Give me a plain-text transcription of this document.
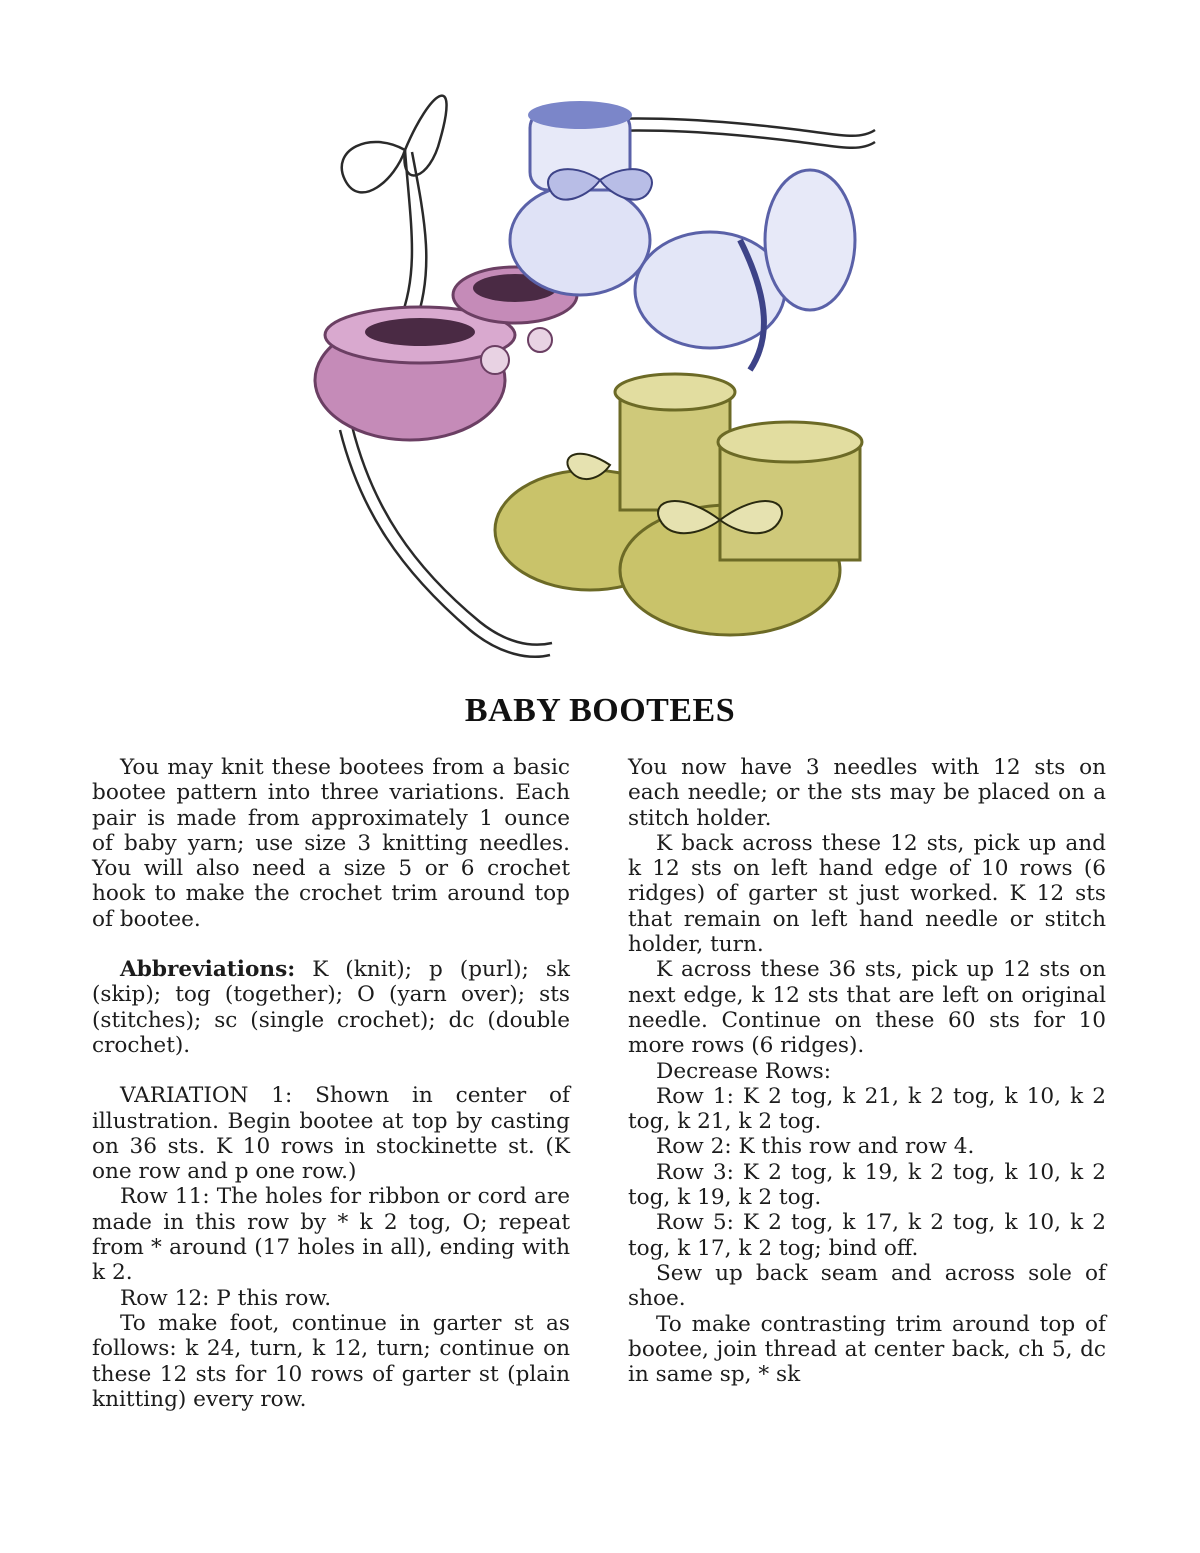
BABY BOOTEES

You may knit these bootees from a basic bootee pattern into three variations. Each pair is made from approximately 1 ounce of baby yarn; use size 3 knitting needles. You will also need a size 5 or 6 crochet hook to make the crochet trim around top of bootee.

Abbreviations: K (knit); p (purl); sk (skip); tog (together); O (yarn over); sts (stitches); sc (single crochet); dc (double crochet).

VARIATION 1: Shown in center of illustration. Begin bootee at top by casting on 36 sts. K 10 rows in stockinette st. (K one row and p one row.)

Row 11: The holes for ribbon or cord are made in this row by * k 2 tog, O; repeat from * around (17 holes in all), ending with k 2.

Row 12: P this row.

To make foot, continue in garter st as follows: k 24, turn, k 12, turn; continue on these 12 sts for 10 rows of garter st (plain knitting) every row.

You now have 3 needles with 12 sts on each needle; or the sts may be placed on a stitch holder.

K back across these 12 sts, pick up and k 12 sts on left hand edge of 10 rows (6 ridges) of garter st just worked. K 12 sts that remain on left hand needle or stitch holder, turn.

K across these 36 sts, pick up 12 sts on next edge, k 12 sts that are left on original needle. Continue on these 60 sts for 10 more rows (6 ridges).

Decrease Rows:

Row 1: K 2 tog, k 21, k 2 tog, k 10, k 2 tog, k 21, k 2 tog.

Row 2: K this row and row 4.

Row 3: K 2 tog, k 19, k 2 tog, k 10, k 2 tog, k 19, k 2 tog.

Row 5: K 2 tog, k 17, k 2 tog, k 10, k 2 tog, k 17, k 2 tog; bind off.

Sew up back seam and across sole of shoe.

To make contrasting trim around top of bootee, join thread at center back, ch 5, dc in same sp, * sk
